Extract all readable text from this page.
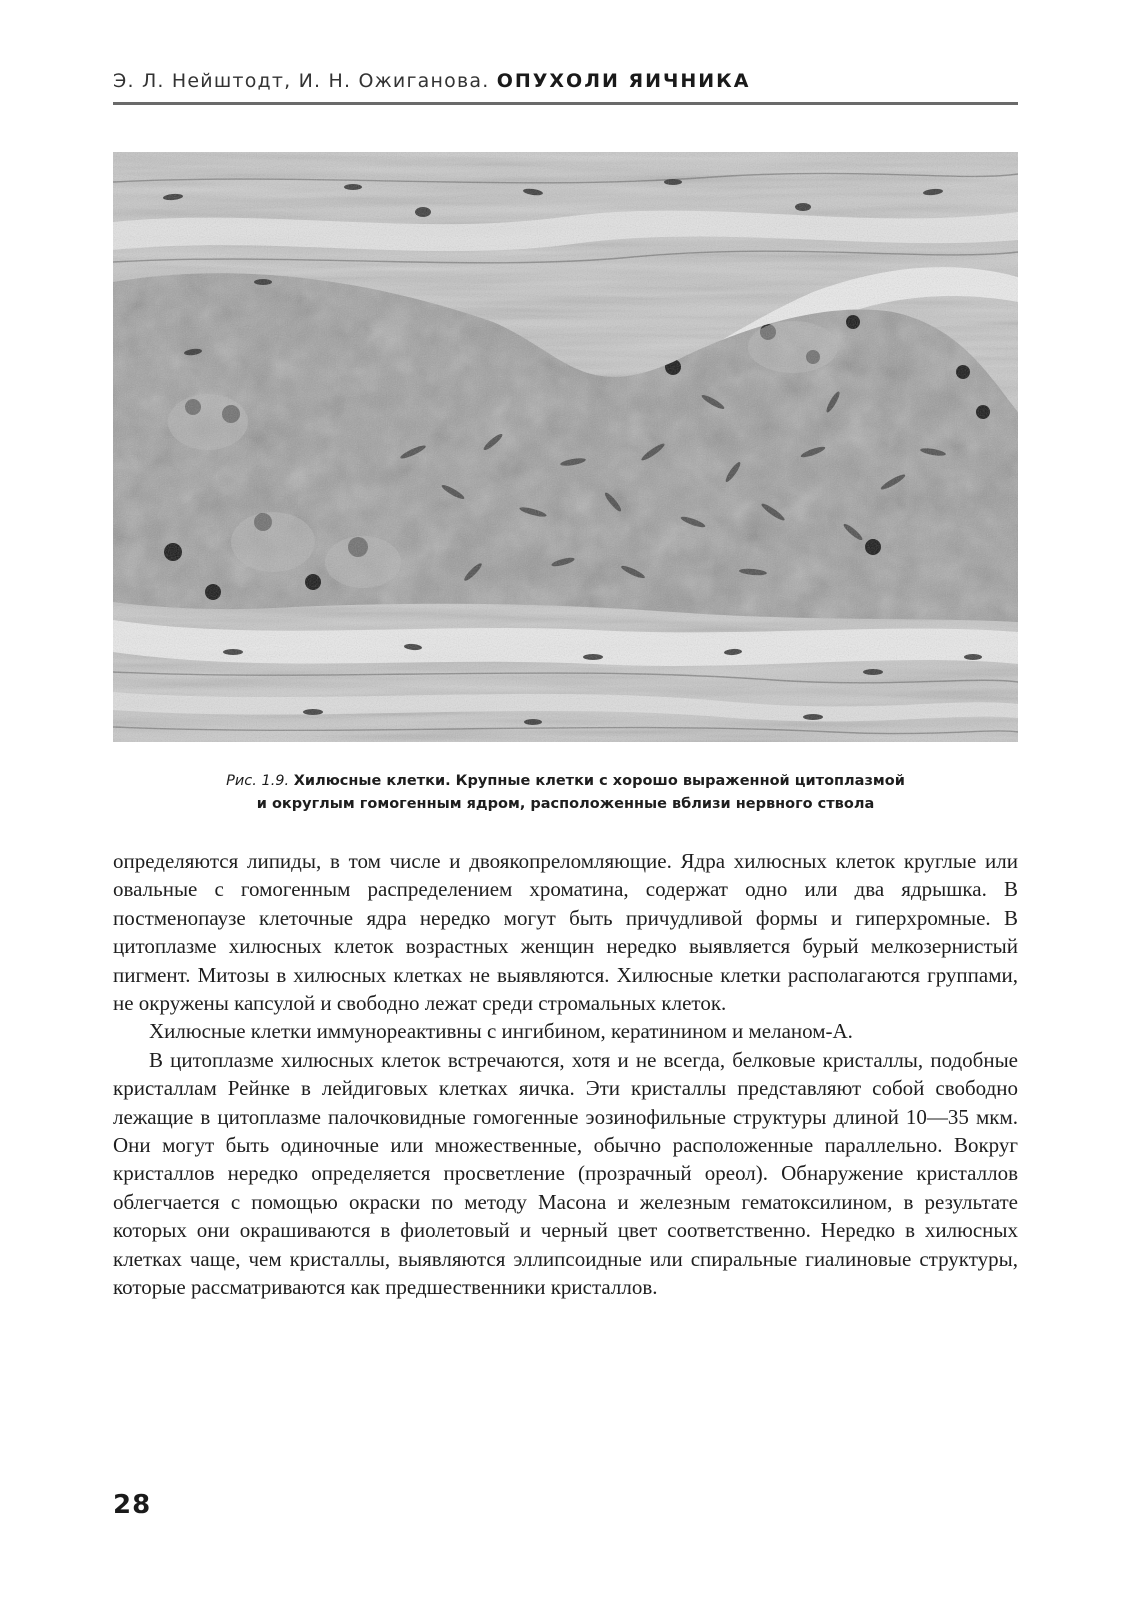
Э. Л. Нейштодт, И. Н. Ожиганова. ОПУХОЛИ ЯИЧНИКА
Рис. 1.9. Хилюсные клетки. Крупные клетки с хорошо выраженной цитоплазмой
и округлым гомогенным ядром, расположенные вблизи нервного ствола

определяются липиды, в том числе и двоякопреломляющие. Ядра хилюсных клеток круглые или овальные с гомогенным распределением хроматина, содержат одно или два ядрышка. В постменопаузе клеточные ядра нередко могут быть причудливой формы и гиперхромные. В цитоплазме хилюсных клеток возрастных женщин нередко выявляется бурый мелкозернистый пигмент. Митозы в хилюсных клетках не выявляются. Хилюсные клетки располагаются группами, не окружены капсулой и свободно лежат среди стромальных клеток.

Хилюсные клетки иммунореактивны с ингибином, кератинином и меланом-А.

В цитоплазме хилюсных клеток встречаются, хотя и не всегда, белковые кристаллы, подобные кристаллам Рейнке в лейдиговых клетках яичка. Эти кристаллы представляют собой свободно лежащие в цитоплазме палочковидные гомогенные эозинофильные структуры длиной 10—35 мкм. Они могут быть одиночные или множественные, обычно расположенные параллельно. Вокруг кристаллов нередко определяется просветление (прозрачный ореол). Обнаружение кристаллов облегчается с помощью окраски по методу Масона и железным гематоксилином, в результате которых они окрашиваются в фиолетовый и черный цвет соответственно. Нередко в хилюсных клетках чаще, чем кристаллы, выявляются эллипсоидные или спиральные гиалиновые структуры, которые рассматриваются как предшественники кристаллов.

28
